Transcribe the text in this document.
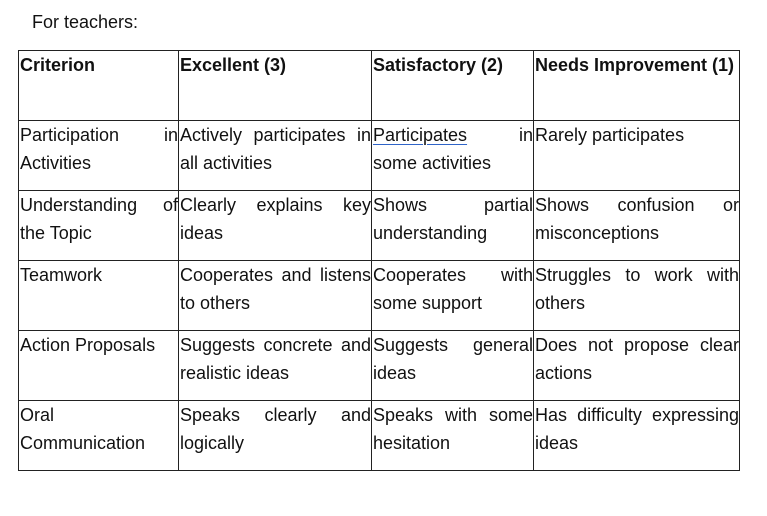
For teachers:
Criterion	Excellent (3)	Satisfactory (2)	Needs Improvement (1)
Participation in Activities	Actively participates in all activities	Participates in some activities	Rarely participates
Understanding of the Topic	Clearly explains key ideas	Shows partial understanding	Shows confusion or misconceptions
Teamwork	Cooperates and listens to others	Cooperates with some support	Struggles to work with others
Action Proposals	Suggests concrete and realistic ideas	Suggests general ideas	Does not propose clear actions
Oral Communication	Speaks clearly and logically	Speaks with some hesitation	Has difficulty expressing ideas
